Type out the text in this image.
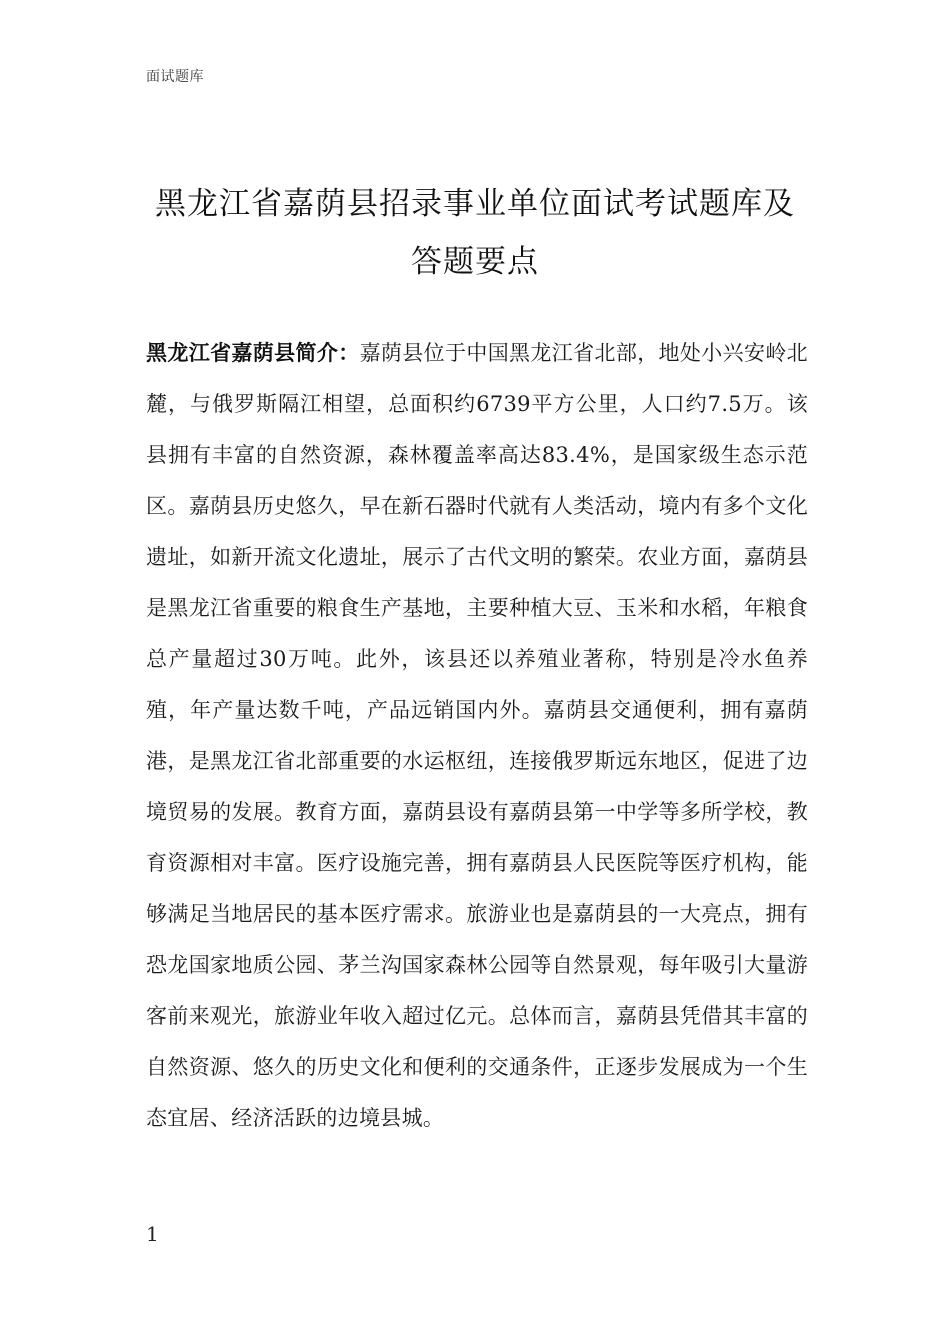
面试题库
黑龙江省嘉荫县招录事业单位面试考试题库及
答题要点

黑龙江省嘉荫县简介：嘉荫县位于中国黑龙江省北部，地处小兴安岭北麓，与俄罗斯隔江相望，总面积约6739平方公里，人口约7.5万。该县拥有丰富的自然资源，森林覆盖率高达83.4%，是国家级生态示范区。嘉荫县历史悠久，早在新石器时代就有人类活动，境内有多个文化遗址，如新开流文化遗址，展示了古代文明的繁荣。农业方面，嘉荫县是黑龙江省重要的粮食生产基地，主要种植大豆、玉米和水稻，年粮食总产量超过30万吨。此外，该县还以养殖业著称，特别是冷水鱼养殖，年产量达数千吨，产品远销国内外。嘉荫县交通便利，拥有嘉荫港，是黑龙江省北部重要的水运枢纽，连接俄罗斯远东地区，促进了边境贸易的发展。教育方面，嘉荫县设有嘉荫县第一中学等多所学校，教育资源相对丰富。医疗设施完善，拥有嘉荫县人民医院等医疗机构，能够满足当地居民的基本医疗需求。旅游业也是嘉荫县的一大亮点，拥有恐龙国家地质公园、茅兰沟国家森林公园等自然景观，每年吸引大量游客前来观光，旅游业年收入超过亿元。总体而言，嘉荫县凭借其丰富的自然资源、悠久的历史文化和便利的交通条件，正逐步发展成为一个生态宜居、经济活跃的边境县城。

1
